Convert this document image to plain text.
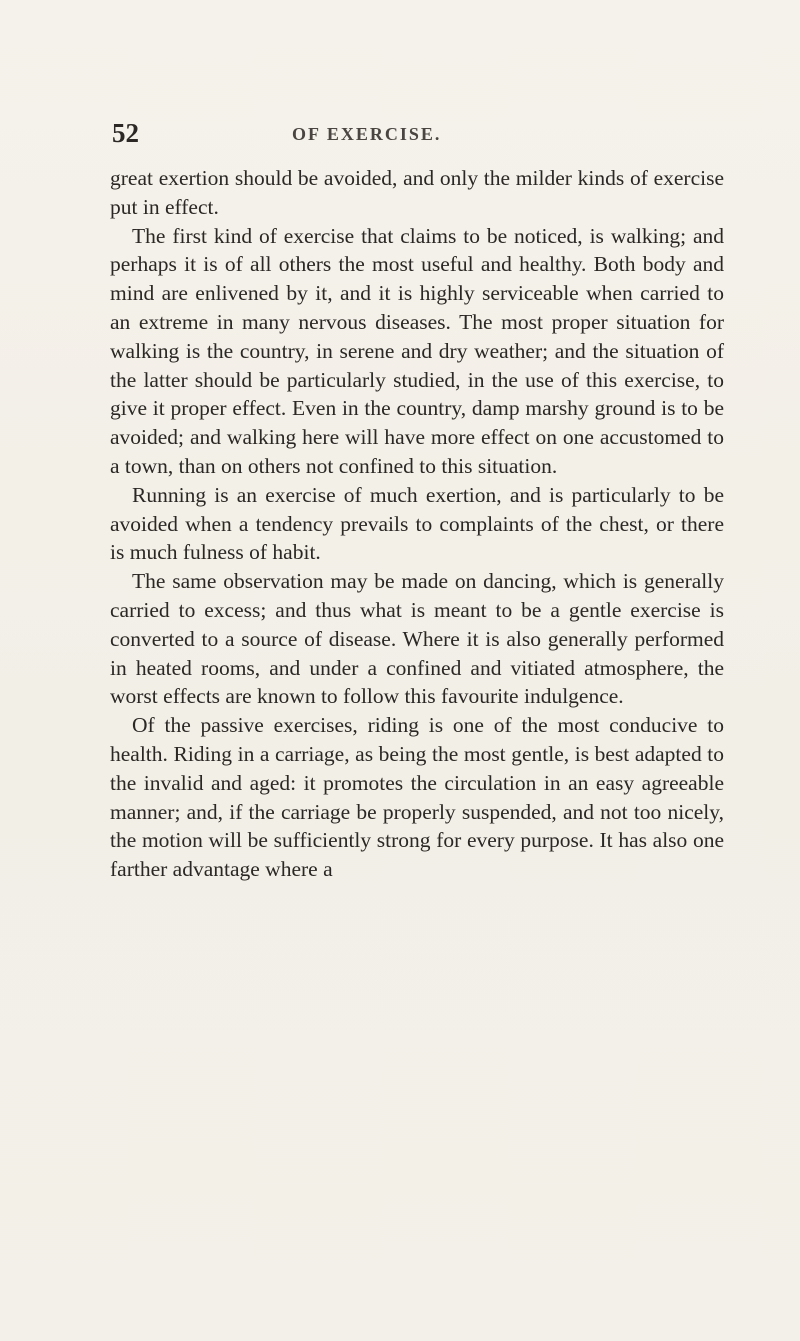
52	OF EXERCISE.

great exertion should be avoided, and only the milder kinds of exercise put in effect.

The first kind of exercise that claims to be noticed, is walking; and perhaps it is of all others the most useful and healthy. Both body and mind are enlivened by it, and it is highly serviceable when carried to an extreme in many nervous diseases. The most proper situation for walking is the country, in serene and dry weather; and the situation of the latter should be particularly studied, in the use of this exercise, to give it proper effect. Even in the country, damp marshy ground is to be avoided; and walking here will have more effect on one accustomed to a town, than on others not confined to this situation.

Running is an exercise of much exertion, and is particularly to be avoided when a tendency prevails to complaints of the chest, or there is much fulness of habit.

The same observation may be made on dancing, which is generally carried to excess; and thus what is meant to be a gentle exercise is converted to a source of disease. Where it is also generally performed in heated rooms, and under a confined and vitiated atmosphere, the worst effects are known to follow this favourite indulgence.

Of the passive exercises, riding is one of the most conducive to health. Riding in a carriage, as being the most gentle, is best adapted to the invalid and aged: it promotes the circulation in an easy agreeable manner; and, if the carriage be properly suspended, and not too nicely, the motion will be sufficiently strong for every purpose. It has also one farther advantage where a
